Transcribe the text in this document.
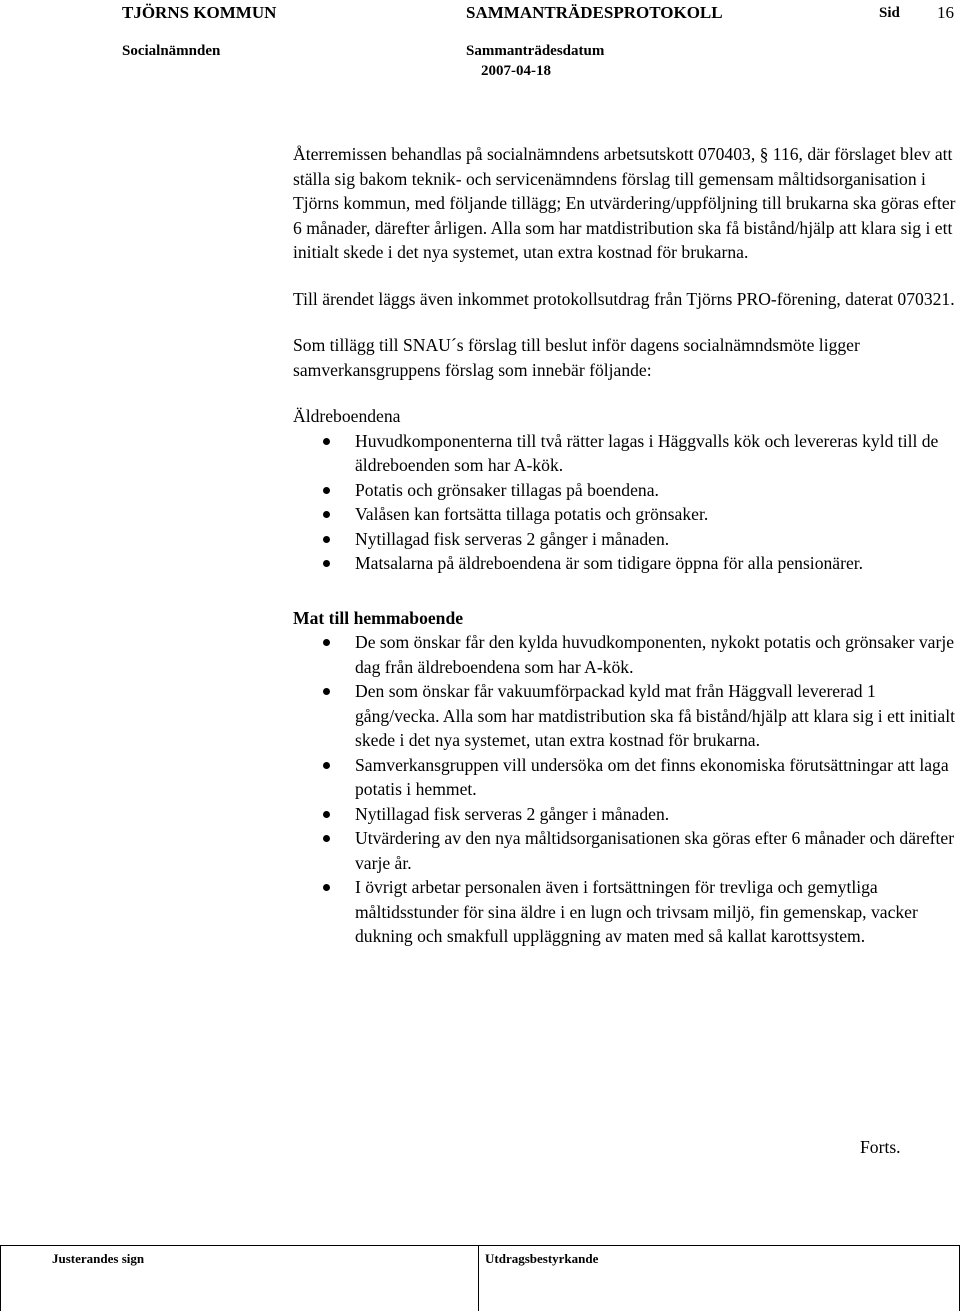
TJÖRNS KOMMUN	SAMMANTRÄDESPROTOKOLL	Sid 16
Socialnämnden	Sammanträdesdatum
2007-04-18

Återremissen behandlas på socialnämndens arbetsutskott 070403, § 116, där förslaget blev att ställa sig bakom teknik- och servicenämndens förslag till gemensam måltidsorganisation i Tjörns kommun, med följande tillägg; En utvärdering/uppföljning till brukarna ska göras efter 6 månader, därefter årligen. Alla som har matdistribution ska få bistånd/hjälp att klara sig i ett initialt skede i det nya systemet, utan extra kostnad för brukarna.

Till ärendet läggs även inkommet protokollsutdrag från Tjörns PRO-förening, daterat 070321.

Som tillägg till SNAU´s förslag till beslut inför dagens socialnämndsmöte ligger samverkansgruppens förslag som innebär följande:

Äldreboendena

Huvudkomponenterna till två rätter lagas i Häggvalls kök och levereras kyld till de äldreboenden som har A-kök.
Potatis och grönsaker tillagas på boendena.
Valåsen kan fortsätta tillaga potatis och grönsaker.
Nytillagad fisk serveras 2 gånger i månaden.
Matsalarna på äldreboendena är som tidigare öppna för alla pensionärer.

Mat till hemmaboende

De som önskar får den kylda huvudkomponenten, nykokt potatis och grönsaker varje dag från äldreboendena som har A-kök.
Den som önskar får vakuumförpackad kyld mat från Häggvall levererad 1 gång/vecka. Alla som har matdistribution ska få bistånd/hjälp att klara sig i ett initialt skede i det nya systemet, utan extra kostnad för brukarna.
Samverkansgruppen vill undersöka om det finns ekonomiska förutsättningar att laga potatis i hemmet.
Nytillagad fisk serveras 2 gånger i månaden.
Utvärdering av den nya måltidsorganisationen ska göras efter 6 månader och därefter varje år.
I övrigt arbetar personalen även i fortsättningen för trevliga och gemytliga måltidsstunder för sina äldre i en lugn och trivsam miljö, fin gemenskap, vacker dukning och smakfull uppläggning av maten med så kallat karottsystem.
Forts.
Justerandes sign	Utdragsbestyrkande
